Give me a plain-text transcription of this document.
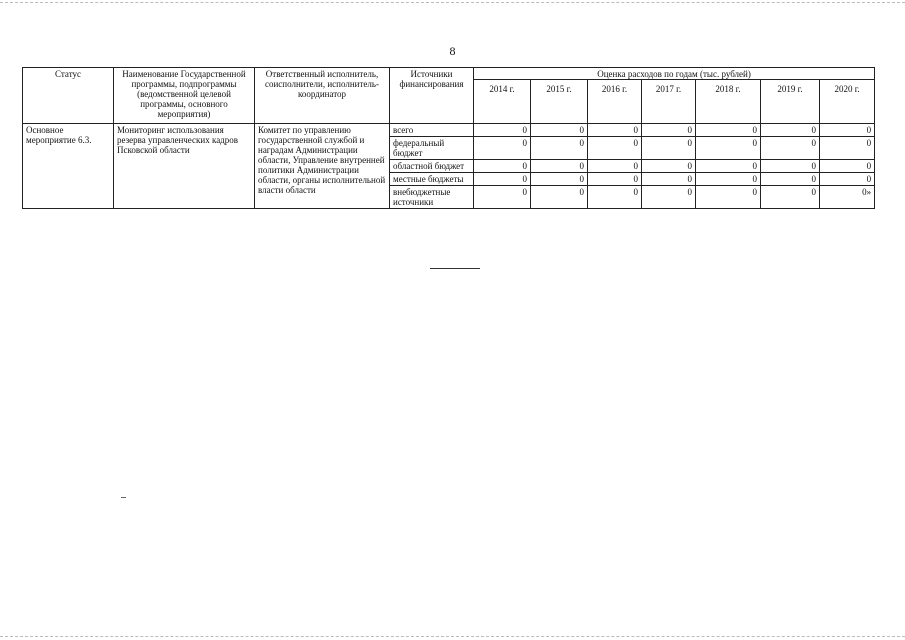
8
Статус	Наименование Государственной программы, подпрограммы (ведомственной целевой программы, основного мероприятия)	Ответственный исполнитель, соисполнители, исполнитель-координатор	Источники финансирования	Оценка расходов по годам (тыс. рублей)						
				2014 г.	2015 г.	2016 г.	2017 г.	2018 г.	2019 г.	2020 г.
Основное мероприятие 6.3.	Мониторинг использования резерва управленческих кадров Псковской области	Комитет по управлению государственной службой и наградам Администрации области, Управление внутренней политики Администрации области, органы исполнительной власти области	всего	0	0	0	0	0	0	0
			федеральный бюджет	0	0	0	0	0	0	0
			областной бюджет	0	0	0	0	0	0	0
			местные бюджеты	0	0	0	0	0	0	0
			внебюджетные источники	0	0	0	0	0	0	0»
